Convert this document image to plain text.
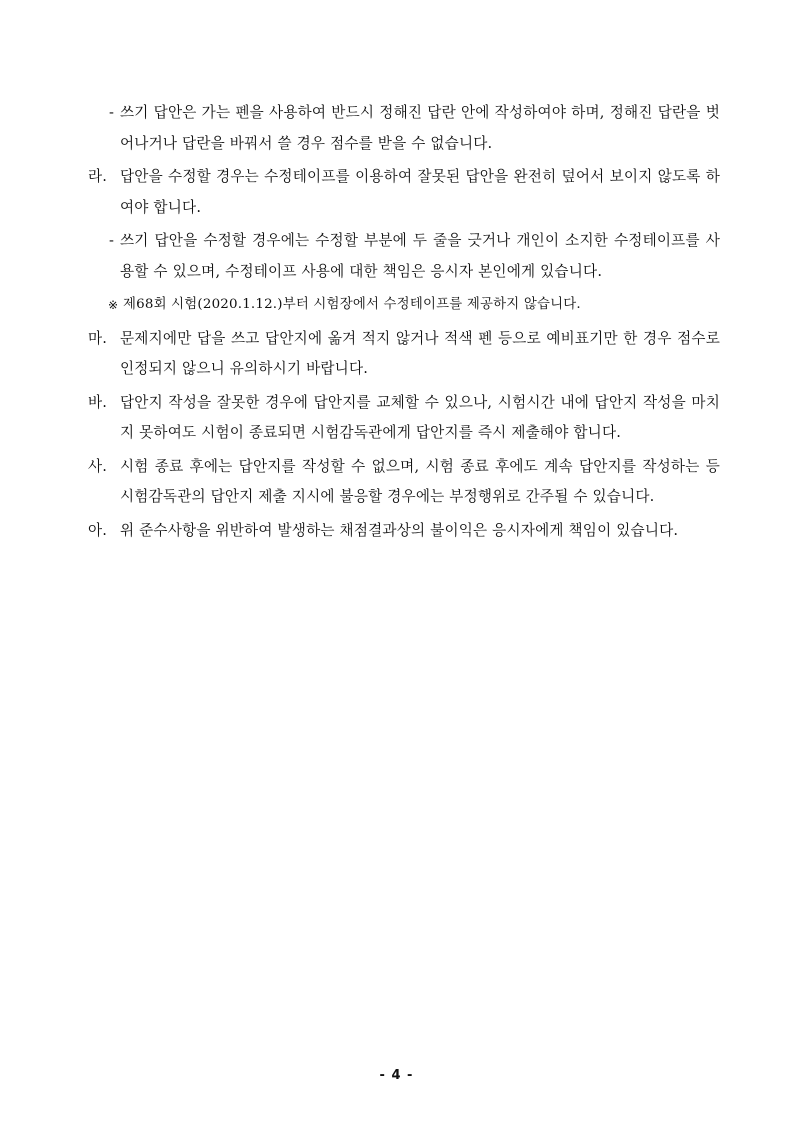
- 쓰기 답안은 가는 펜을 사용하여 반드시 정해진 답란 안에 작성하여야 하며, 정해진 답란을 벗어나거나 답란을 바꿔서 쓸 경우 점수를 받을 수 없습니다.
라. 답안을 수정할 경우는 수정테이프를 이용하여 잘못된 답안을 완전히 덮어서 보이지 않도록 하여야 합니다.
- 쓰기 답안을 수정할 경우에는 수정할 부분에 두 줄을 긋거나 개인이 소지한 수정테이프를 사용할 수 있으며, 수정테이프 사용에 대한 책임은 응시자 본인에게 있습니다.
※ 제68회 시험(2020.1.12.)부터 시험장에서 수정테이프를 제공하지 않습니다.
마. 문제지에만 답을 쓰고 답안지에 옮겨 적지 않거나 적색 펜 등으로 예비표기만 한 경우 점수로 인정되지 않으니 유의하시기 바랍니다.
바. 답안지 작성을 잘못한 경우에 답안지를 교체할 수 있으나, 시험시간 내에 답안지 작성을 마치지 못하여도 시험이 종료되면 시험감독관에게 답안지를 즉시 제출해야 합니다.
사. 시험 종료 후에는 답안지를 작성할 수 없으며, 시험 종료 후에도 계속 답안지를 작성하는 등 시험감독관의 답안지 제출 지시에 불응할 경우에는 부정행위로 간주될 수 있습니다.
아. 위 준수사항을 위반하여 발생하는 채점결과상의 불이익은 응시자에게 책임이 있습니다.
- 4 -
